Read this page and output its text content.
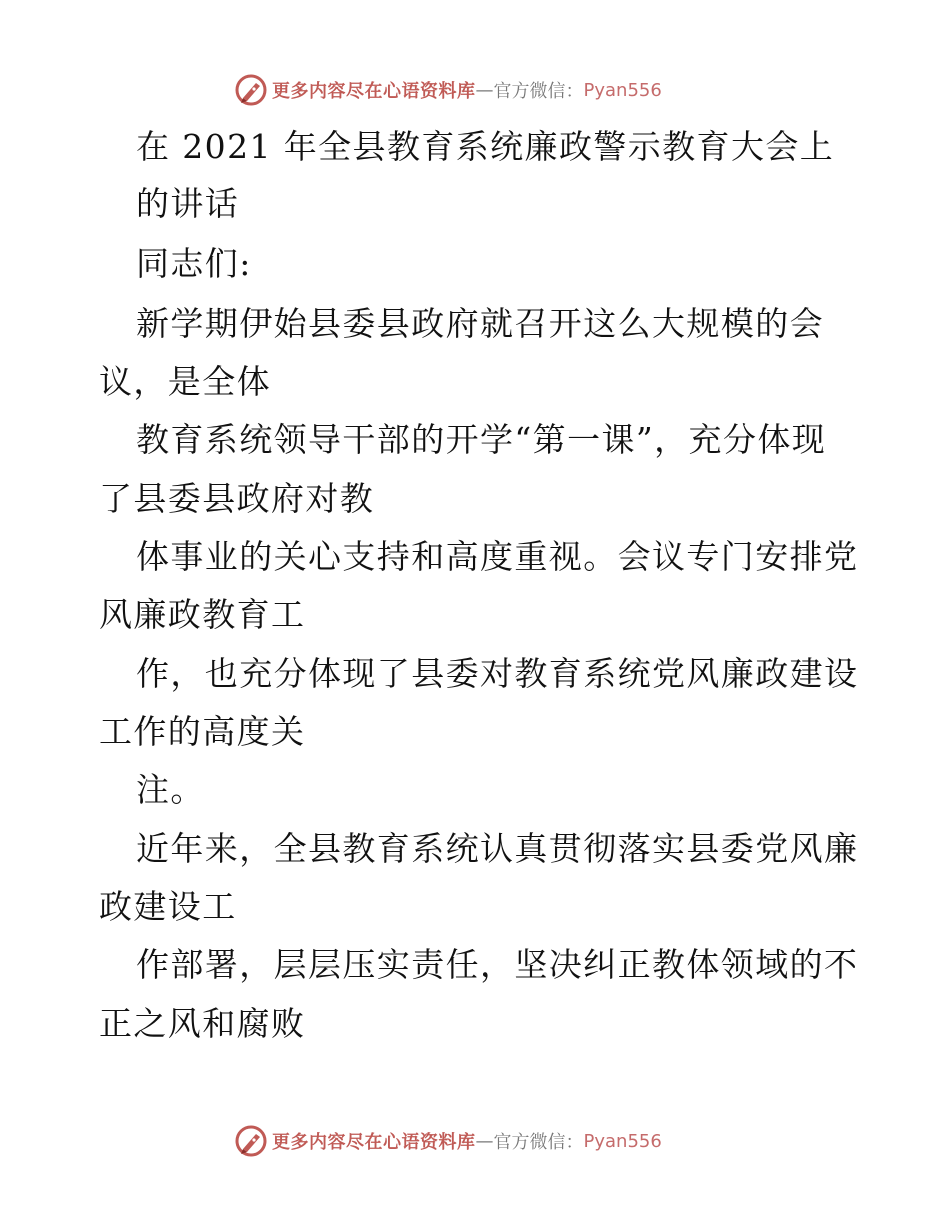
更多内容尽在心语资料库 — 官方微信： Pyan556
在 2021 年全县教育系统廉政警示教育大会上
的讲话
同志们:
新学期伊始县委县政府就召开这么大规模的会
议，是全体
教育系统领导干部的开学“第一课”，充分体现
了县委县政府对教
体事业的关心支持和高度重视。会议专门安排党
风廉政教育工
作，也充分体现了县委对教育系统党风廉政建设
工作的高度关
注。
近年来，全县教育系统认真贯彻落实县委党风廉
政建设工
作部署，层层压实责任，坚决纠正教体领域的不
正之风和腐败
更多内容尽在心语资料库 — 官方微信： Pyan556
